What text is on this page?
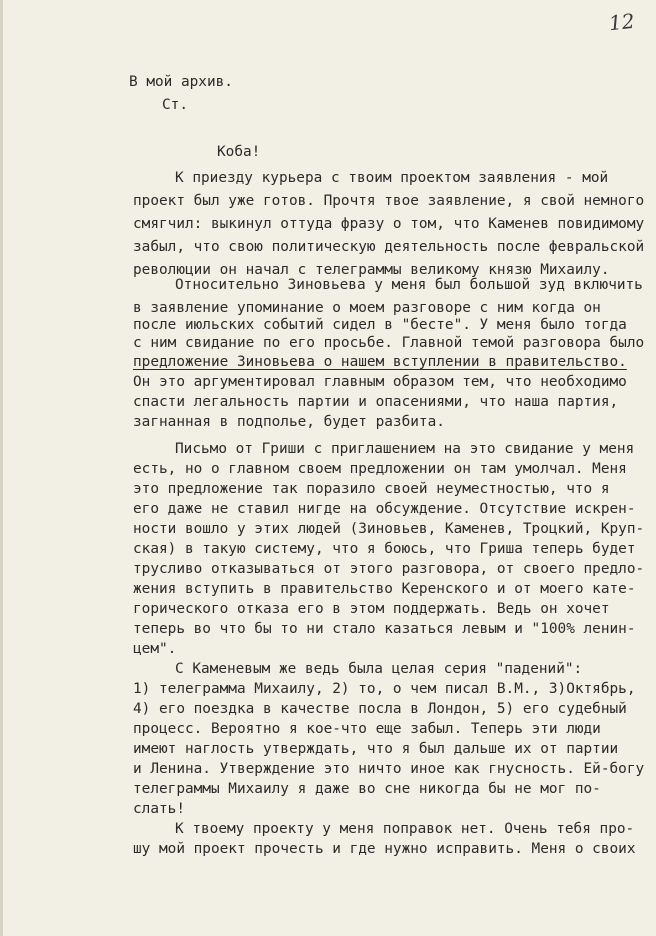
12
В мой архив.
Ст.
Коба!
К приезду курьера с твоим проектом заявления - мой
проект был уже готов. Прочтя твое заявление, я свой немного
смягчил: выкинул оттуда фразу о том, что Каменев повидимому
забыл, что свою политическую деятельность после февральской
революции он начал с телеграммы великому князю Михаилу.
Относительно Зиновьева у меня был большой зуд включить
в заявление упоминание о моем разговоре с ним когда он
после июльских событий сидел в "бесте". У меня было тогда
с ним свидание по его просьбе. Главной темой разговора было
предложение Зиновьева о нашем вступлении в правительство.
Он это аргументировал главным образом тем, что необходимо
спасти легальность партии и опасениями, что наша партия,
загнанная в подполье, будет разбита.
Письмо от Гриши с приглашением на это свидание у меня
есть, но о главном своем предложении он там умолчал. Меня
это предложение так поразило своей неуместностью, что я
его даже не ставил нигде на обсуждение. Отсутствие искрен-
ности вошло у этих людей (Зиновьев, Каменев, Троцкий, Круп-
ская) в такую систему, что я боюсь, что Гриша теперь будет
трусливо отказываться от этого разговора, от своего предло-
жения вступить в правительство Керенского и от моего кате-
горического отказа его в этом поддержать. Ведь он хочет
теперь во что бы то ни стало казаться левым и "100% ленин-
цем".
С Каменевым же ведь была целая серия "падений":
1) телеграмма Михаилу, 2) то, о чем писал В.М., 3)Октябрь,
4) его поездка в качестве посла в Лондон, 5) его судебный
процесс. Вероятно я кое-что еще забыл. Теперь эти люди
имеют наглость утверждать, что я был дальше их от партии
и Ленина. Утверждение это ничто иное как гнусность. Ей-богу
телеграммы Михаилу я даже во сне никогда бы не мог по-
слать!
К твоему проекту у меня поправок нет. Очень тебя про-
шу мой проект прочесть и где нужно исправить. Меня о своих
